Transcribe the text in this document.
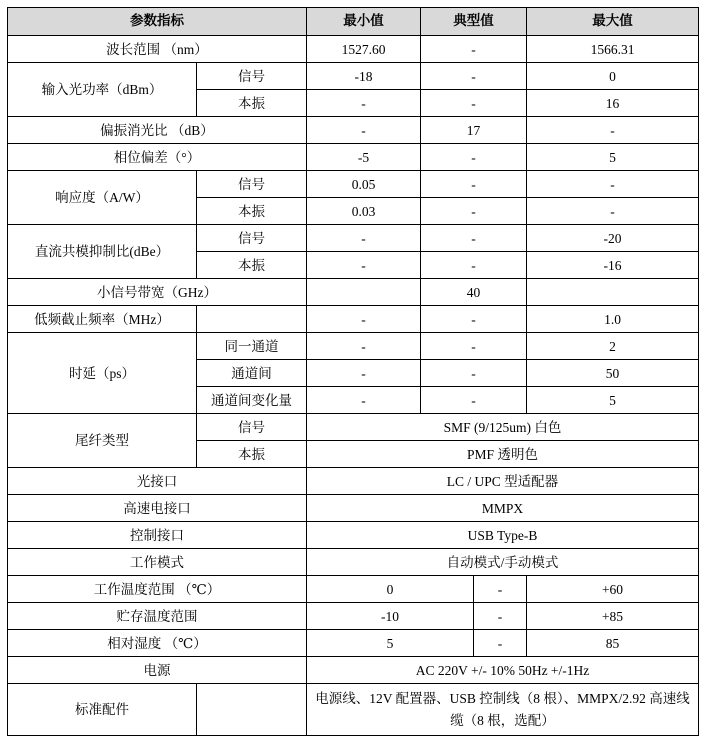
参数指标		最小值	典型值		最大值
波长范围 （nm）		1527.60	-		1566.31
输入光功率（dBm）	信号	-18	-		0
	本振	-	-		16
偏振消光比 （dB）		-	17		-
相位偏差（°）		-5	-		5
响应度（A/W）	信号	0.05	-		-
	本振	0.03	-		-
直流共模抑制比(dBe）	信号	-	-		-20
	本振	-	-		-16
小信号带宽（GHz）			40		
低频截止频率（MHz）		-	-		1.0
时延（ps）	同一通道	-	-		2
	通道间	-	-		50
	通道间变化量	-	-		5
尾纤类型	信号	SMF (9/125um) 白色			
	本振	PMF 透明色			
光接口		LC / UPC 型适配器			
高速电接口		MMPX			
控制接口		USB Type-B			
工作模式		自动模式/手动模式			
工作温度范围 （℃）		0		-	+60
贮存温度范围		-10		-	+85
相对湿度 （℃）		5		-	85
电源		AC 220V +/- 10% 50Hz +/-1Hz			
标准配件		电源线、12V 配置器、USB 控制线（8 根）、MMPX/2.92 高速线缆（8 根，选配）			
